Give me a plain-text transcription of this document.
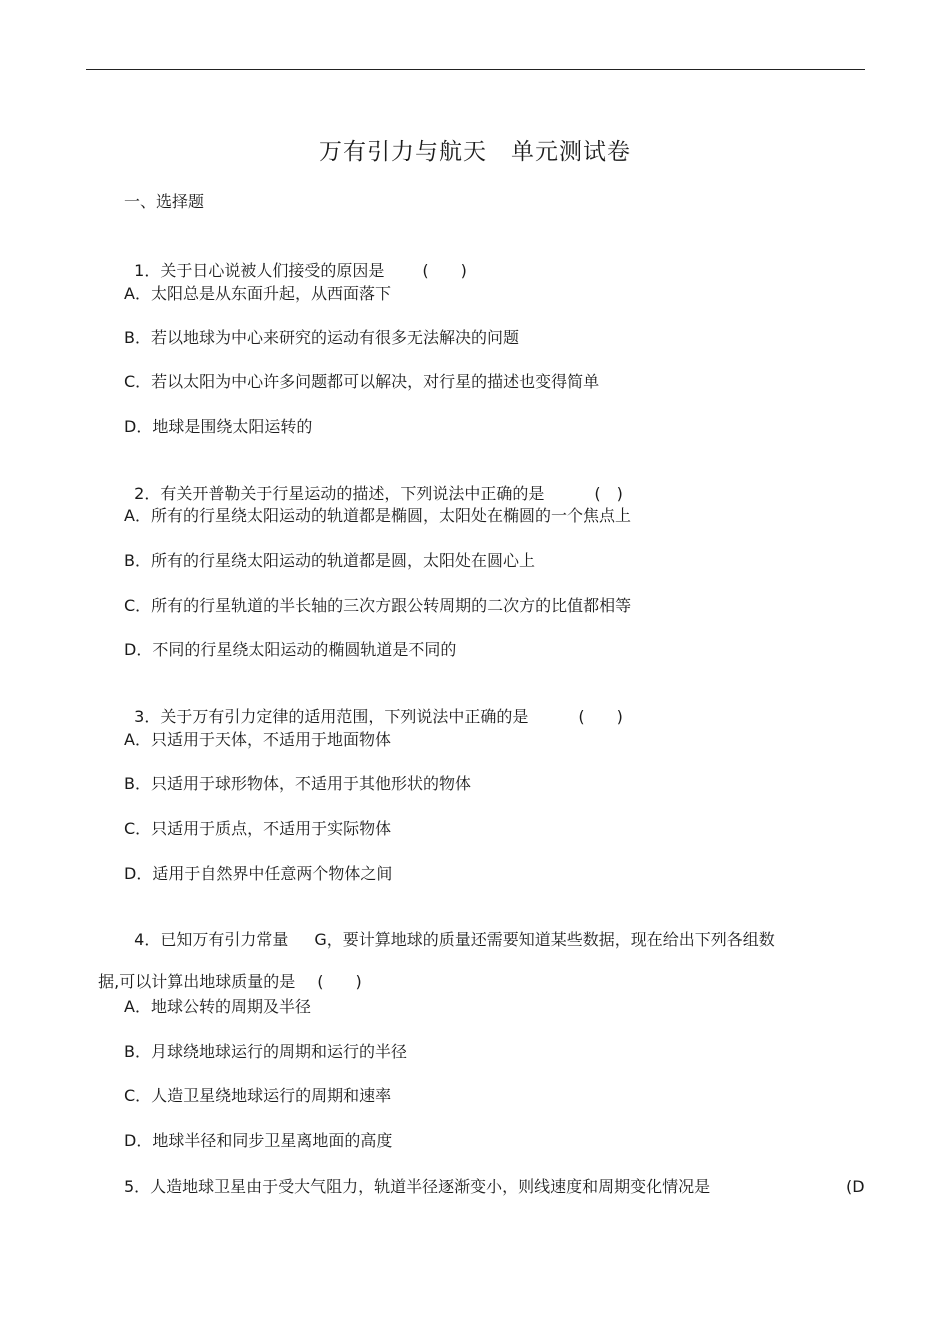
万有引力与航天　单元测试卷
一、选择题

1．关于日心说被人们接受的原因是 (　　)

A．太阳总是从东面升起，从西面落下
B．若以地球为中心来研究的运动有很多无法解决的问题
C．若以太阳为中心许多问题都可以解决，对行星的描述也变得简单
D．地球是围绕太阳运转的

2．有关开普勒关于行星运动的描述，下列说法中正确的是	(　)

A．所有的行星绕太阳运动的轨道都是椭圆，太阳处在椭圆的一个焦点上
B．所有的行星绕太阳运动的轨道都是圆，太阳处在圆心上
C．所有的行星轨道的半长轴的三次方跟公转周期的二次方的比值都相等
D．不同的行星绕太阳运动的椭圆轨道是不同的

3．关于万有引力定律的适用范围，下列说法中正确的是	(　　)

A．只适用于天体，不适用于地面物体
B．只适用于球形物体，不适用于其他形状的物体
C．只适用于质点，不适用于实际物体
D．适用于自然界中任意两个物体之间

4．已知万有引力常量 G，要计算地球的质量还需要知道某些数据，现在给出下列各组数

据,可以计算出地球质量的是 (　　)

A．地球公转的周期及半径
B．月球绕地球运行的周期和运行的半径
C．人造卫星绕地球运行的周期和速率
D．地球半径和同步卫星离地面的高度
5．人造地球卫星由于受大气阻力，轨道半径逐渐变小，则线速度和周期变化情况是	(D
